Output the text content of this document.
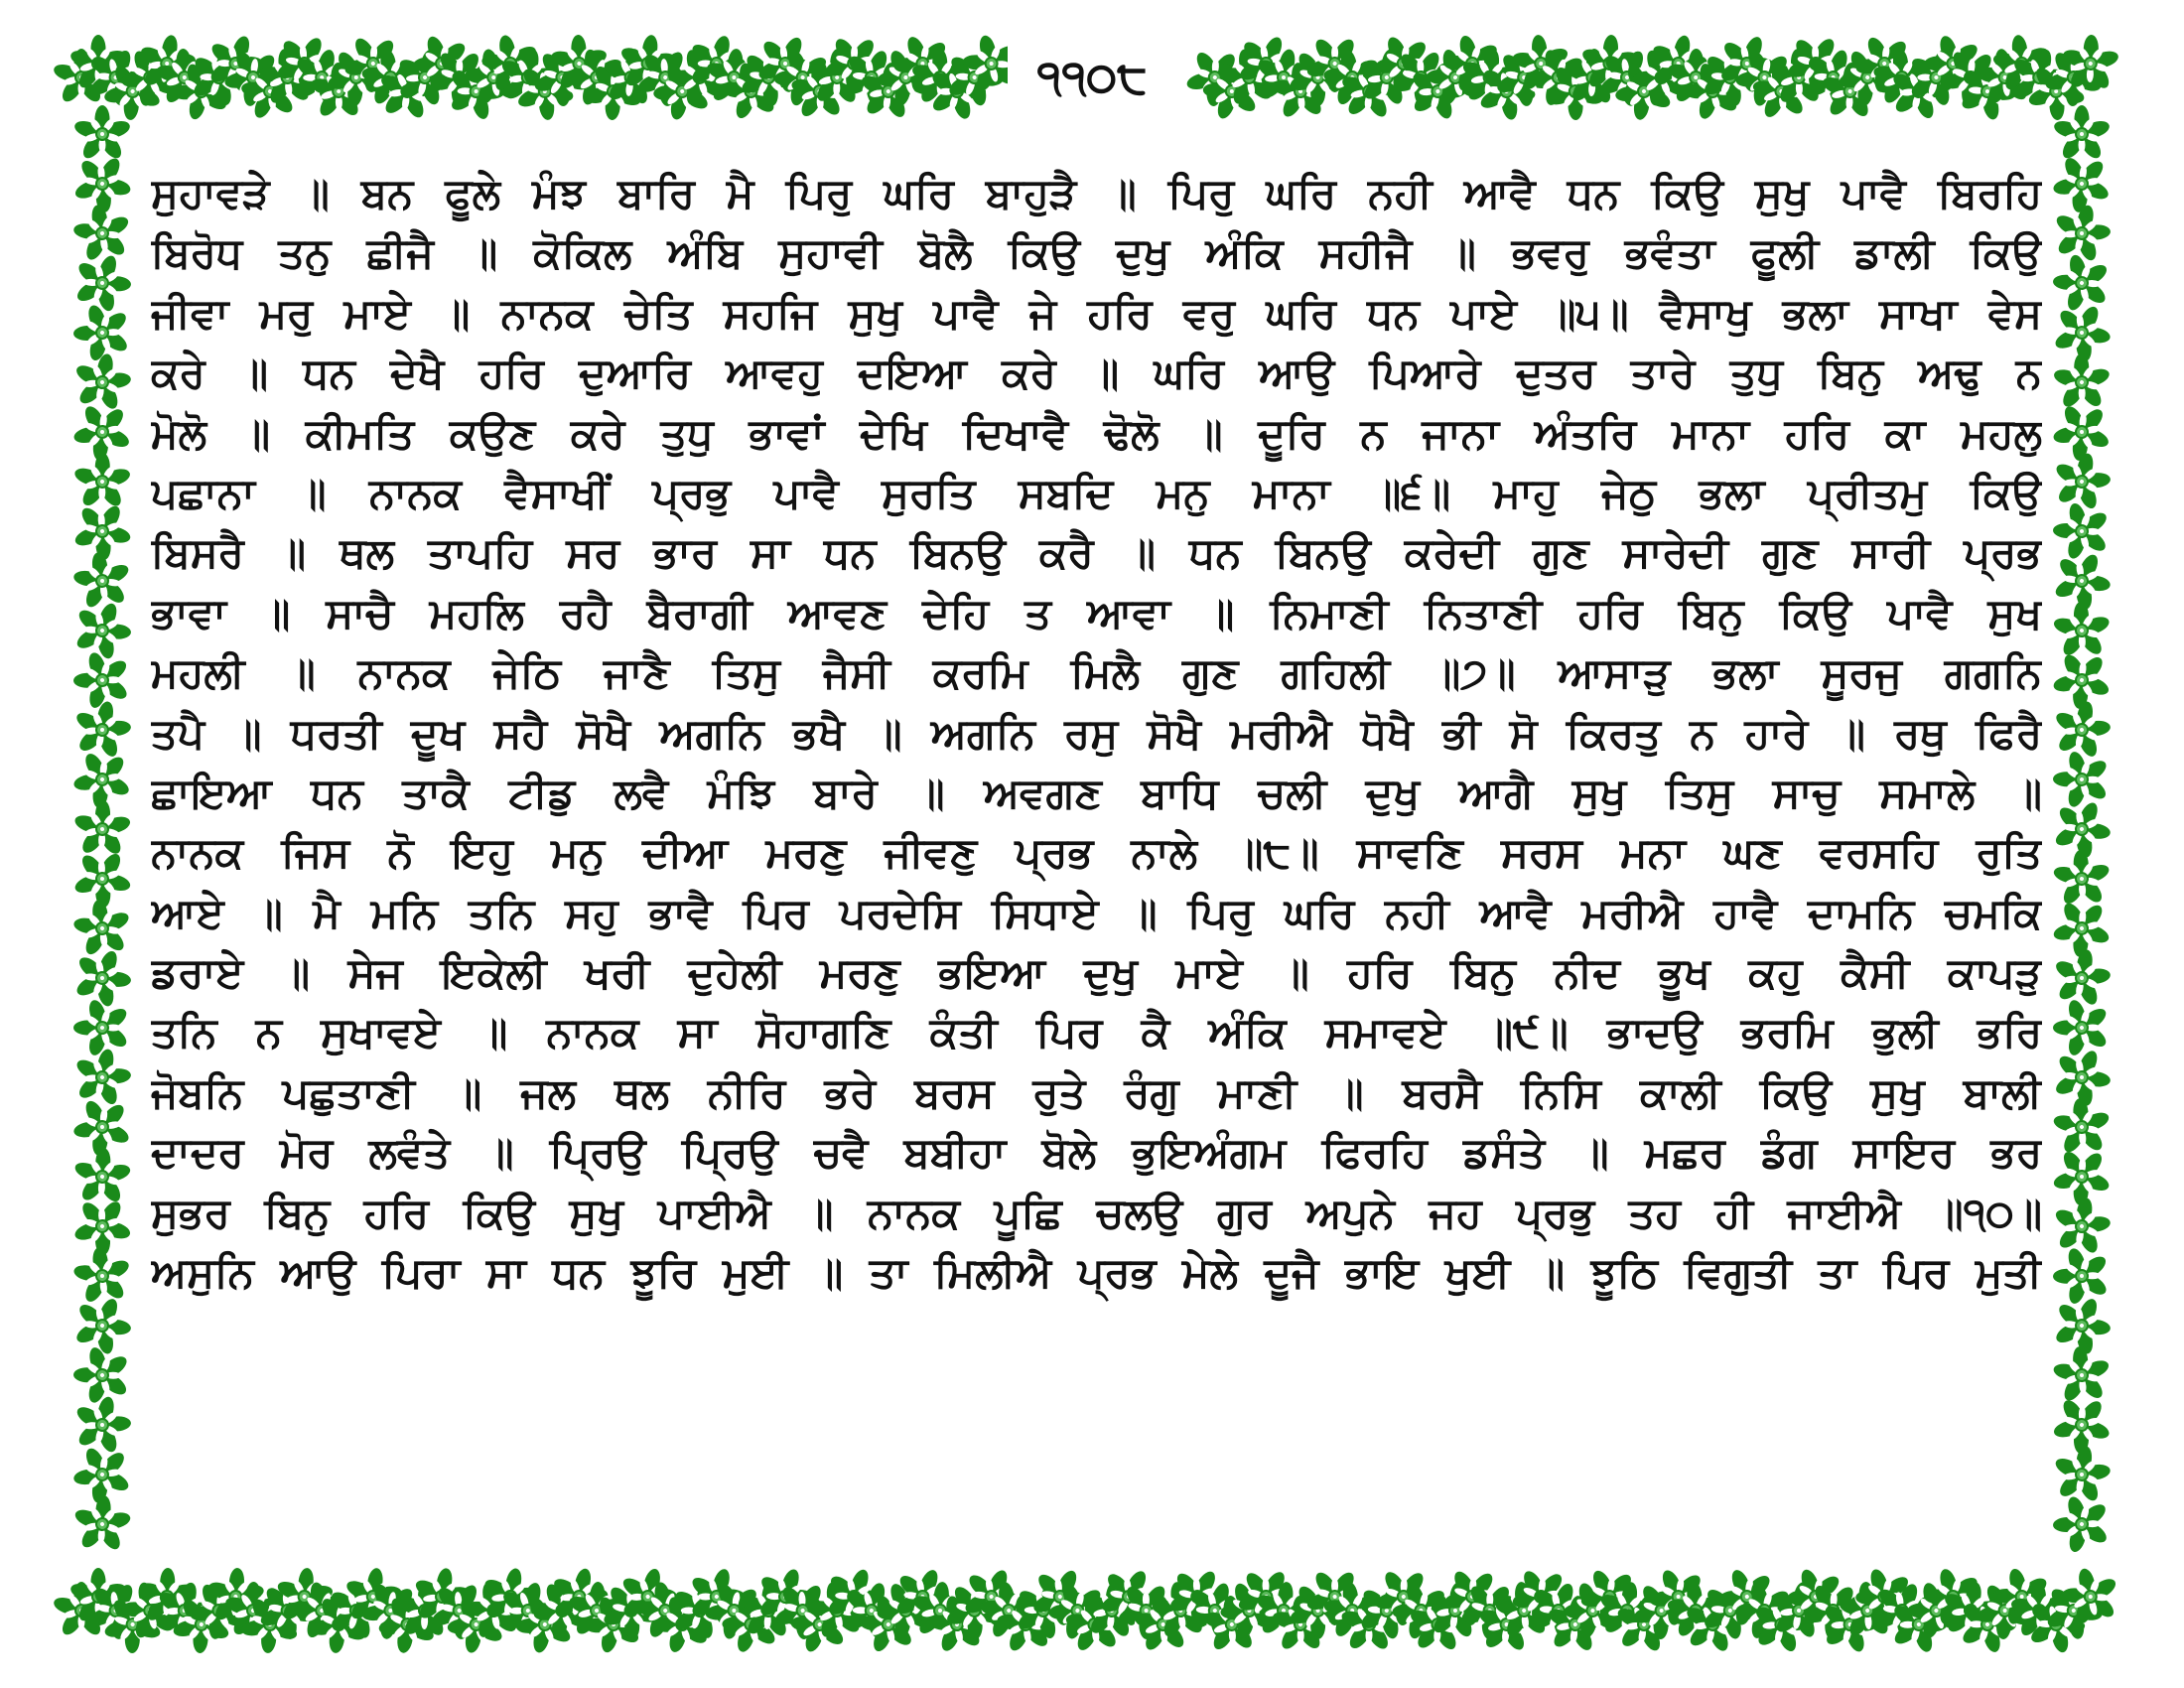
੧੧੦੮
ਸੁਹਾਵੜੇ ॥ ਬਨ ਫੂਲੇ ਮੰਝ ਬਾਰਿ ਮੈ ਪਿਰੁ ਘਰਿ ਬਾਹੁੜੈ ॥ ਪਿਰੁ ਘਰਿ ਨਹੀ ਆਵੈ ਧਨ ਕਿਉ ਸੁਖੁ ਪਾਵੈ ਬਿਰਹਿ
ਬਿਰੋਧ ਤਨੁ ਛੀਜੈ ॥ ਕੋਕਿਲ ਅੰਬਿ ਸੁਹਾਵੀ ਬੋਲੈ ਕਿਉ ਦੁਖੁ ਅੰਕਿ ਸਹੀਜੈ ॥ ਭਵਰੁ ਭਵੰਤਾ ਫੂਲੀ ਡਾਲੀ ਕਿਉ
ਜੀਵਾ ਮਰੁ ਮਾਏ ॥ ਨਾਨਕ ਚੇਤਿ ਸਹਜਿ ਸੁਖੁ ਪਾਵੈ ਜੇ ਹਰਿ ਵਰੁ ਘਰਿ ਧਨ ਪਾਏ ॥੫॥ ਵੈਸਾਖੁ ਭਲਾ ਸਾਖਾ ਵੇਸ
ਕਰੇ ॥ ਧਨ ਦੇਖੈ ਹਰਿ ਦੁਆਰਿ ਆਵਹੁ ਦਇਆ ਕਰੇ ॥ ਘਰਿ ਆਉ ਪਿਆਰੇ ਦੁਤਰ ਤਾਰੇ ਤੁਧੁ ਬਿਨੁ ਅਢੁ ਨ
ਮੋਲੋ ॥ ਕੀਮਤਿ ਕਉਣ ਕਰੇ ਤੁਧੁ ਭਾਵਾਂ ਦੇਖਿ ਦਿਖਾਵੈ ਢੋਲੋ ॥ ਦੂਰਿ ਨ ਜਾਨਾ ਅੰਤਰਿ ਮਾਨਾ ਹਰਿ ਕਾ ਮਹਲੁ
ਪਛਾਨਾ ॥ ਨਾਨਕ ਵੈਸਾਖੀਂ ਪ੍ਰਭੁ ਪਾਵੈ ਸੁਰਤਿ ਸਬਦਿ ਮਨੁ ਮਾਨਾ ॥੬॥ ਮਾਹੁ ਜੇਠੁ ਭਲਾ ਪ੍ਰੀਤਮੁ ਕਿਉ
ਬਿਸਰੈ ॥ ਥਲ ਤਾਪਹਿ ਸਰ ਭਾਰ ਸਾ ਧਨ ਬਿਨਉ ਕਰੈ ॥ ਧਨ ਬਿਨਉ ਕਰੇਦੀ ਗੁਣ ਸਾਰੇਦੀ ਗੁਣ ਸਾਰੀ ਪ੍ਰਭ
ਭਾਵਾ ॥ ਸਾਚੈ ਮਹਲਿ ਰਹੈ ਬੈਰਾਗੀ ਆਵਣ ਦੇਹਿ ਤ ਆਵਾ ॥ ਨਿਮਾਣੀ ਨਿਤਾਣੀ ਹਰਿ ਬਿਨੁ ਕਿਉ ਪਾਵੈ ਸੁਖ
ਮਹਲੀ ॥ ਨਾਨਕ ਜੇਠਿ ਜਾਣੈ ਤਿਸੁ ਜੈਸੀ ਕਰਮਿ ਮਿਲੈ ਗੁਣ ਗਹਿਲੀ ॥੭॥ ਆਸਾੜੁ ਭਲਾ ਸੂਰਜੁ ਗਗਨਿ
ਤਪੈ ॥ ਧਰਤੀ ਦੂਖ ਸਹੈ ਸੋਖੈ ਅਗਨਿ ਭਖੈ ॥ ਅਗਨਿ ਰਸੁ ਸੋਖੈ ਮਰੀਐ ਧੋਖੈ ਭੀ ਸੋ ਕਿਰਤੁ ਨ ਹਾਰੇ ॥ ਰਥੁ ਫਿਰੈ
ਛਾਇਆ ਧਨ ਤਾਕੈ ਟੀਡੁ ਲਵੈ ਮੰਝਿ ਬਾਰੇ ॥ ਅਵਗਣ ਬਾਧਿ ਚਲੀ ਦੁਖੁ ਆਗੈ ਸੁਖੁ ਤਿਸੁ ਸਾਚੁ ਸਮਾਲੇ ॥
ਨਾਨਕ ਜਿਸ ਨੋ ਇਹੁ ਮਨੁ ਦੀਆ ਮਰਣੁ ਜੀਵਣੁ ਪ੍ਰਭ ਨਾਲੇ ॥੮॥ ਸਾਵਣਿ ਸਰਸ ਮਨਾ ਘਣ ਵਰਸਹਿ ਰੁਤਿ
ਆਏ ॥ ਮੈ ਮਨਿ ਤਨਿ ਸਹੁ ਭਾਵੈ ਪਿਰ ਪਰਦੇਸਿ ਸਿਧਾਏ ॥ ਪਿਰੁ ਘਰਿ ਨਹੀ ਆਵੈ ਮਰੀਐ ਹਾਵੈ ਦਾਮਨਿ ਚਮਕਿ
ਡਰਾਏ ॥ ਸੇਜ ਇਕੇਲੀ ਖਰੀ ਦੁਹੇਲੀ ਮਰਣੁ ਭਇਆ ਦੁਖੁ ਮਾਏ ॥ ਹਰਿ ਬਿਨੁ ਨੀਦ ਭੂਖ ਕਹੁ ਕੈਸੀ ਕਾਪੜੁ
ਤਨਿ ਨ ਸੁਖਾਵਏ ॥ ਨਾਨਕ ਸਾ ਸੋਹਾਗਣਿ ਕੰਤੀ ਪਿਰ ਕੈ ਅੰਕਿ ਸਮਾਵਏ ॥੯॥ ਭਾਦਉ ਭਰਮਿ ਭੁਲੀ ਭਰਿ
ਜੋਬਨਿ ਪਛੁਤਾਣੀ ॥ ਜਲ ਥਲ ਨੀਰਿ ਭਰੇ ਬਰਸ ਰੁਤੇ ਰੰਗੁ ਮਾਣੀ ॥ ਬਰਸੈ ਨਿਸਿ ਕਾਲੀ ਕਿਉ ਸੁਖੁ ਬਾਲੀ
ਦਾਦਰ ਮੋਰ ਲਵੰਤੇ ॥ ਪ੍ਰਿਉ ਪ੍ਰਿਉ ਚਵੈ ਬਬੀਹਾ ਬੋਲੇ ਭੁਇਅੰਗਮ ਫਿਰਹਿ ਡਸੰਤੇ ॥ ਮਛਰ ਡੰਗ ਸਾਇਰ ਭਰ
ਸੁਭਰ ਬਿਨੁ ਹਰਿ ਕਿਉ ਸੁਖੁ ਪਾਈਐ ॥ ਨਾਨਕ ਪੂਛਿ ਚਲਉ ਗੁਰ ਅਪੁਨੇ ਜਹ ਪ੍ਰਭੁ ਤਹ ਹੀ ਜਾਈਐ ॥੧੦॥
ਅਸੁਨਿ ਆਉ ਪਿਰਾ ਸਾ ਧਨ ਝੂਰਿ ਮੁਈ ॥ ਤਾ ਮਿਲੀਐ ਪ੍ਰਭ ਮੇਲੇ ਦੂਜੈ ਭਾਇ ਖੁਈ ॥ ਝੂਠਿ ਵਿਗੁਤੀ ਤਾ ਪਿਰ ਮੁਤੀ
